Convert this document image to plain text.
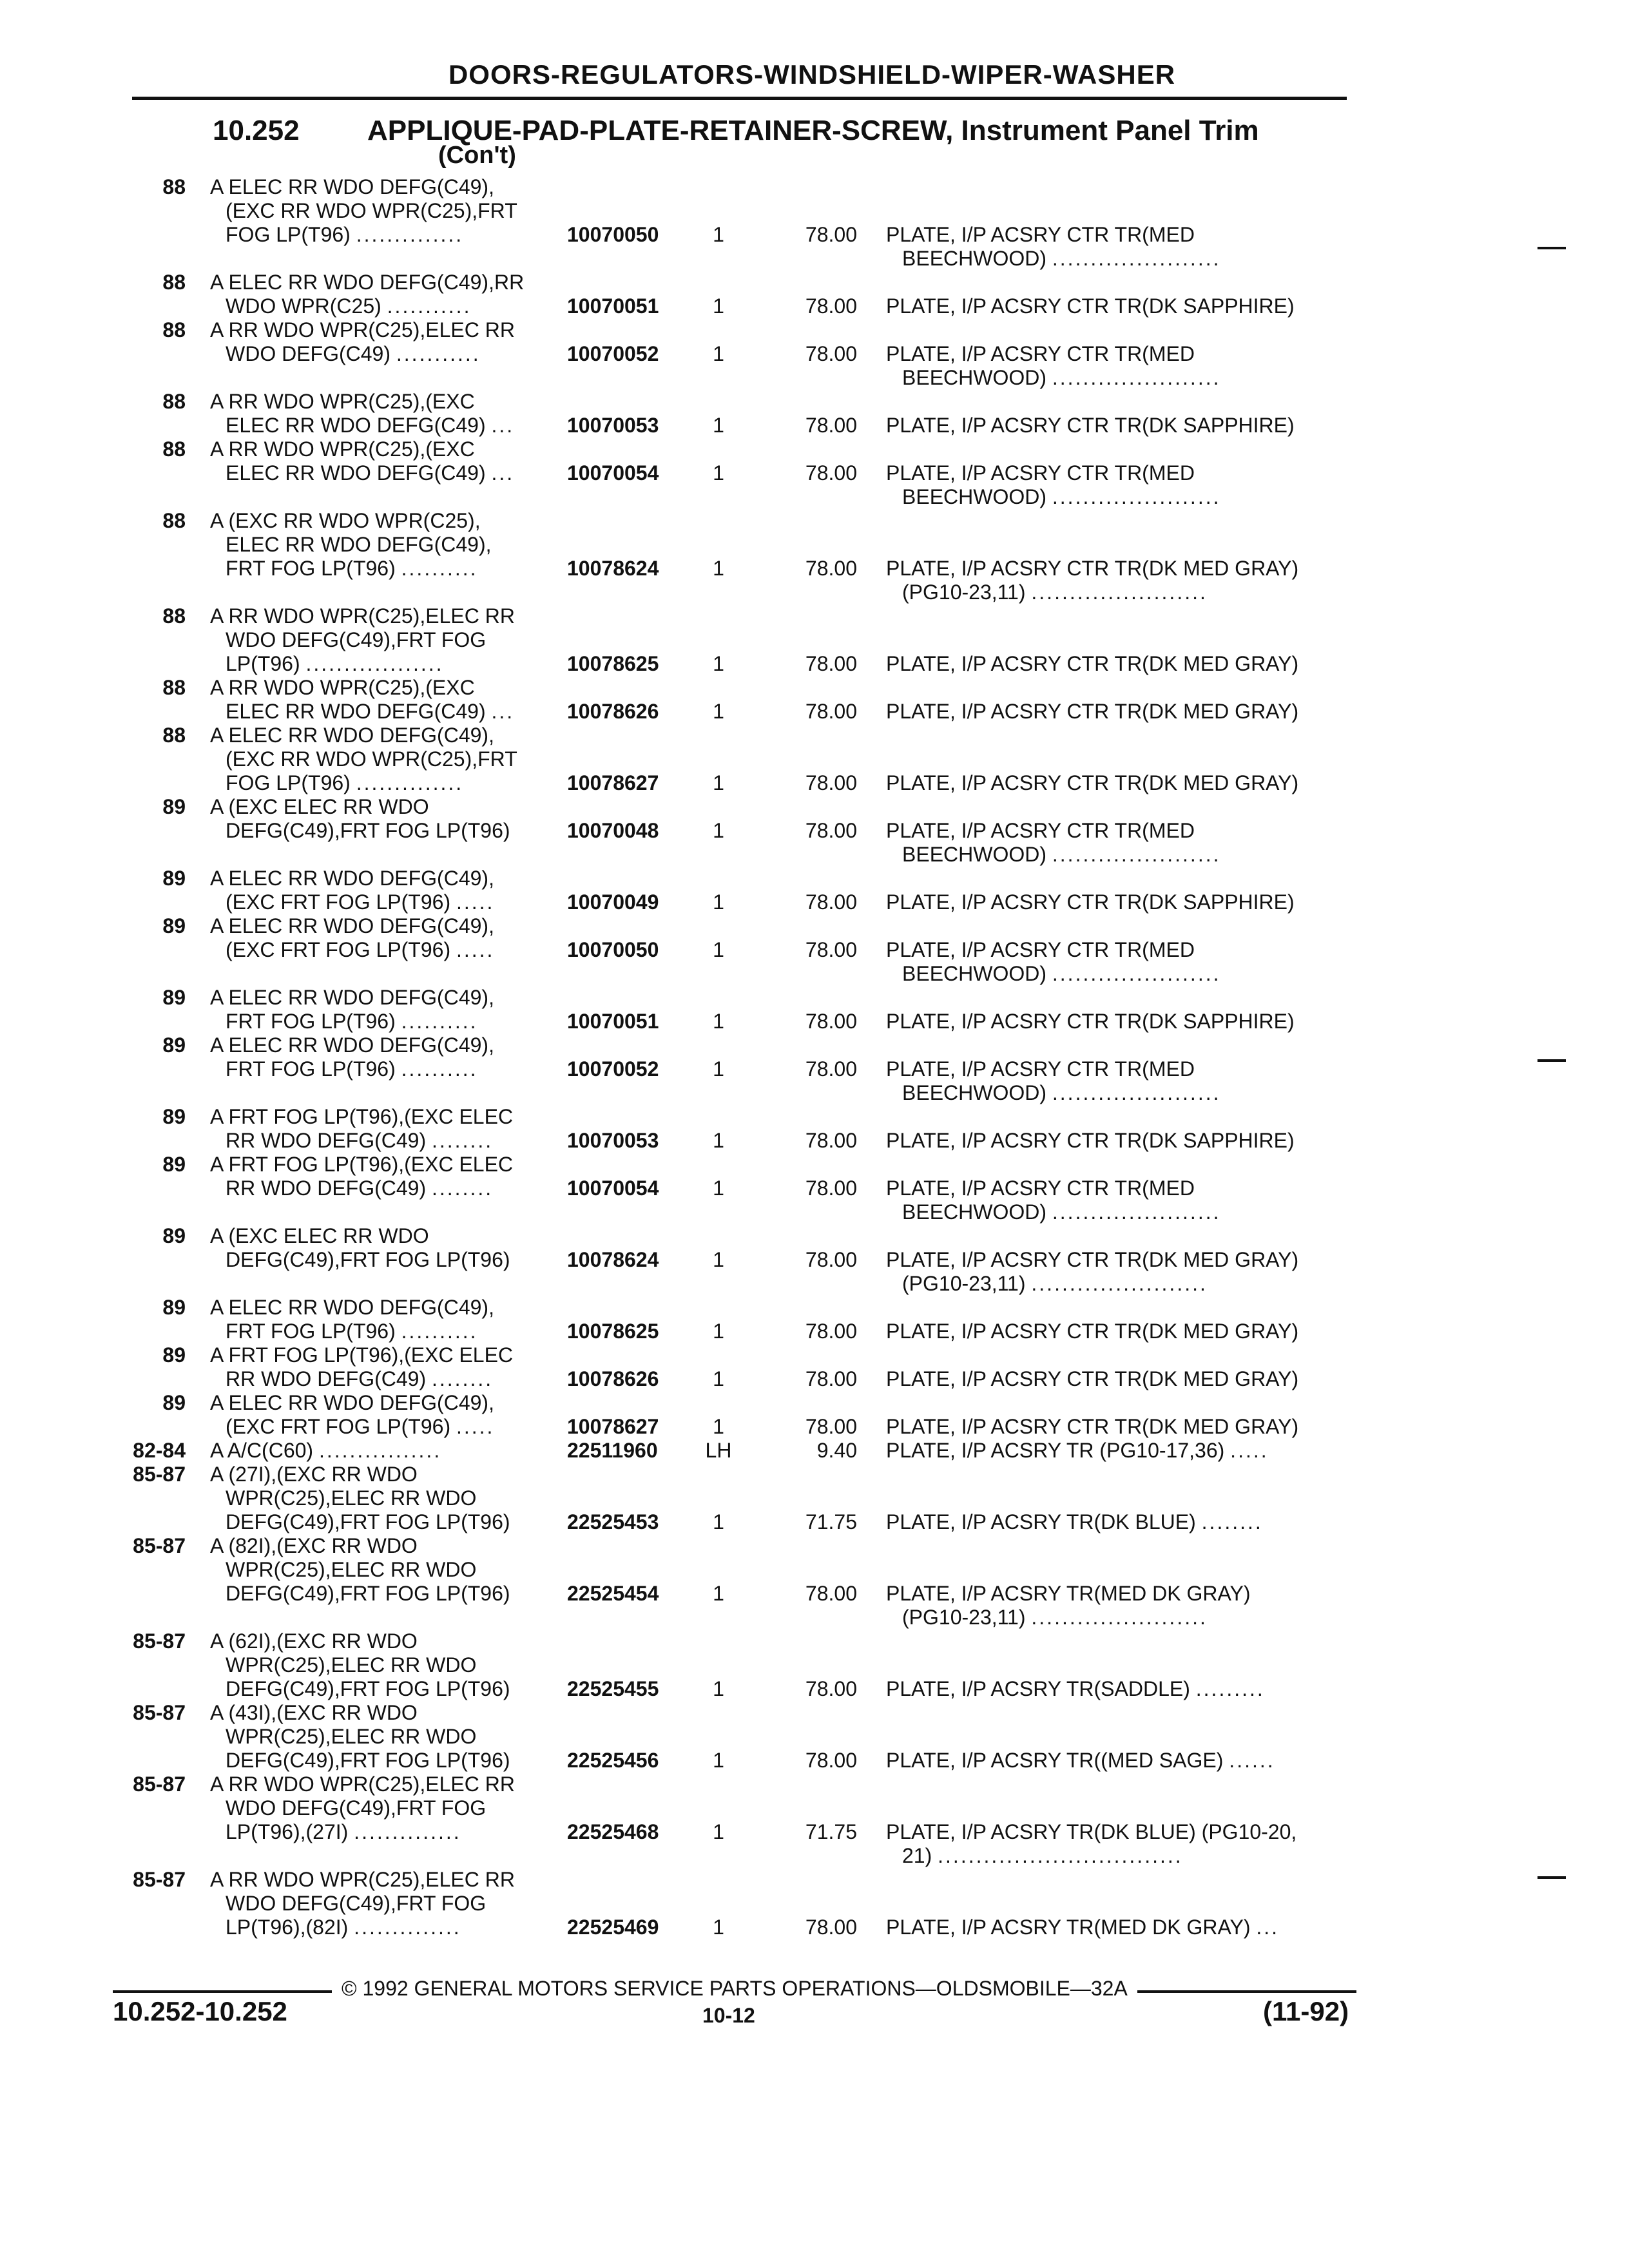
DOORS-REGULATORS-WINDSHIELD-WIPER-WASHER
10.252 APPLIQUE-PAD-PLATE-RETAINER-SCREW, Instrument Panel Trim
(Con't)
88 A ELEC RR WDO DEFG(C49),
(EXC RR WDO WPR(C25),FRT
FOG LP(T96) ..............	10070050	1	78.00 PLATE, I/P ACSRY CTR TR(MED
BEECHWOOD) ......................
88 A ELEC RR WDO DEFG(C49),RR
WDO WPR(C25) ...........	10070051	1	78.00 PLATE, I/P ACSRY CTR TR(DK SAPPHIRE)
88 A RR WDO WPR(C25),ELEC RR
WDO DEFG(C49) ...........	10070052	1	78.00 PLATE, I/P ACSRY CTR TR(MED
BEECHWOOD) ......................
88 A RR WDO WPR(C25),(EXC
ELEC RR WDO DEFG(C49) ...	10070053	1	78.00 PLATE, I/P ACSRY CTR TR(DK SAPPHIRE)
88 A RR WDO WPR(C25),(EXC
ELEC RR WDO DEFG(C49) ...	10070054	1	78.00 PLATE, I/P ACSRY CTR TR(MED
BEECHWOOD) ......................
88 A (EXC RR WDO WPR(C25),
ELEC RR WDO DEFG(C49),
FRT FOG LP(T96) ..........	10078624	1	78.00 PLATE, I/P ACSRY CTR TR(DK MED GRAY)
(PG10-23,11) .......................
88 A RR WDO WPR(C25),ELEC RR
WDO DEFG(C49),FRT FOG
LP(T96) ..................	10078625	1	78.00 PLATE, I/P ACSRY CTR TR(DK MED GRAY)
88 A RR WDO WPR(C25),(EXC
ELEC RR WDO DEFG(C49) ...	10078626	1	78.00 PLATE, I/P ACSRY CTR TR(DK MED GRAY)
88 A ELEC RR WDO DEFG(C49),
(EXC RR WDO WPR(C25),FRT
FOG LP(T96) ..............	10078627	1	78.00 PLATE, I/P ACSRY CTR TR(DK MED GRAY)
89 A (EXC ELEC RR WDO
DEFG(C49),FRT FOG LP(T96)	10070048	1	78.00 PLATE, I/P ACSRY CTR TR(MED
BEECHWOOD) ......................
89 A ELEC RR WDO DEFG(C49),
(EXC FRT FOG LP(T96) .....	10070049	1	78.00 PLATE, I/P ACSRY CTR TR(DK SAPPHIRE)
89 A ELEC RR WDO DEFG(C49),
(EXC FRT FOG LP(T96) .....	10070050	1	78.00 PLATE, I/P ACSRY CTR TR(MED
BEECHWOOD) ......................
89 A ELEC RR WDO DEFG(C49),
FRT FOG LP(T96) ..........	10070051	1	78.00 PLATE, I/P ACSRY CTR TR(DK SAPPHIRE)
89 A ELEC RR WDO DEFG(C49),
FRT FOG LP(T96) ..........	10070052	1	78.00 PLATE, I/P ACSRY CTR TR(MED
BEECHWOOD) ......................
89 A FRT FOG LP(T96),(EXC ELEC
RR WDO DEFG(C49) ........	10070053	1	78.00 PLATE, I/P ACSRY CTR TR(DK SAPPHIRE)
89 A FRT FOG LP(T96),(EXC ELEC
RR WDO DEFG(C49) ........	10070054	1	78.00 PLATE, I/P ACSRY CTR TR(MED
BEECHWOOD) ......................
89 A (EXC ELEC RR WDO
DEFG(C49),FRT FOG LP(T96)	10078624	1	78.00 PLATE, I/P ACSRY CTR TR(DK MED GRAY)
(PG10-23,11) .......................
89 A ELEC RR WDO DEFG(C49),
FRT FOG LP(T96) ..........	10078625	1	78.00 PLATE, I/P ACSRY CTR TR(DK MED GRAY)
89 A FRT FOG LP(T96),(EXC ELEC
RR WDO DEFG(C49) ........	10078626	1	78.00 PLATE, I/P ACSRY CTR TR(DK MED GRAY)
89 A ELEC RR WDO DEFG(C49),
(EXC FRT FOG LP(T96) .....	10078627	1	78.00 PLATE, I/P ACSRY CTR TR(DK MED GRAY)
82-84 A A/C(C60) ................	22511960	LH	9.40 PLATE, I/P ACSRY TR (PG10-17,36) .....
85-87 A (27I),(EXC RR WDO
WPR(C25),ELEC RR WDO
DEFG(C49),FRT FOG LP(T96)	22525453	1	71.75 PLATE, I/P ACSRY TR(DK BLUE) ........
85-87 A (82I),(EXC RR WDO
WPR(C25),ELEC RR WDO
DEFG(C49),FRT FOG LP(T96)	22525454	1	78.00 PLATE, I/P ACSRY TR(MED DK GRAY)
(PG10-23,11) .......................
85-87 A (62I),(EXC RR WDO
WPR(C25),ELEC RR WDO
DEFG(C49),FRT FOG LP(T96)	22525455	1	78.00 PLATE, I/P ACSRY TR(SADDLE) .........
85-87 A (43I),(EXC RR WDO
WPR(C25),ELEC RR WDO
DEFG(C49),FRT FOG LP(T96)	22525456	1	78.00 PLATE, I/P ACSRY TR((MED SAGE) ......
85-87 A RR WDO WPR(C25),ELEC RR
WDO DEFG(C49),FRT FOG
LP(T96),(27I) ..............	22525468	1	71.75 PLATE, I/P ACSRY TR(DK BLUE) (PG10-20,
21) ................................
85-87 A RR WDO WPR(C25),ELEC RR
WDO DEFG(C49),FRT FOG
LP(T96),(82I) ..............	22525469	1	78.00 PLATE, I/P ACSRY TR(MED DK GRAY) ...
© 1992 GENERAL MOTORS SERVICE PARTS OPERATIONS—OLDSMOBILE—32A
10.252-10.252	10-12	(11-92)
